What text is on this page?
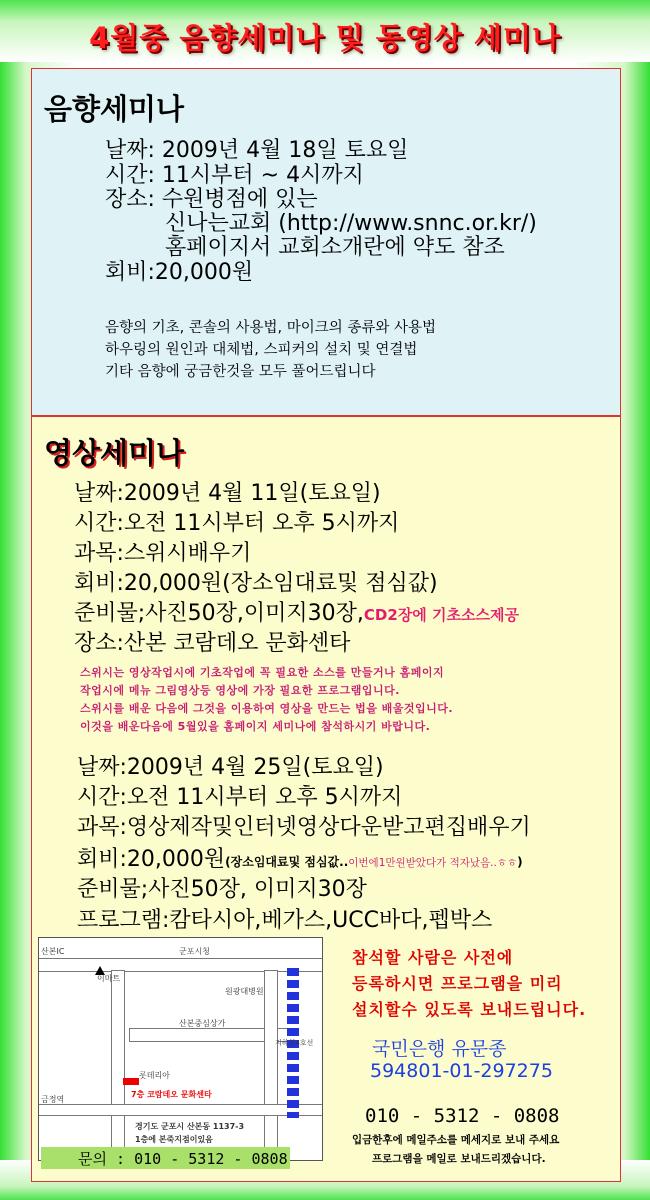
4월중 음향세미나 및 동영상 세미나
음향세미나
날짜: 2009년 4월 18일 토요일
시간: 11시부터 ~ 4시까지
장소: 수원병점에 있는
신나는교회 (http://www.snnc.or.kr/)
홈페이지서 교회소개란에 약도 참조
회비:20,000원
음향의 기초, 콘솔의 사용법, 마이크의 종류와 사용법
하우링의 원인과 대체법, 스피커의 설치 및 연결법
기타 음향에 궁금한것을 모두 풀어드립니다
영상세미나
날짜:2009년 4월 11일(토요일)
시간:오전 11시부터 오후 5시까지
과목:스위시배우기
회비:20,000원(장소임대료및 점심값)
준비물;사진50장,이미지30장,CD2장에 기초소스제공
장소:산본 코람데오 문화센타
스위시는 영상작업시에 기초작업에 꼭 필요한 소스를 만들거나 홈페이지
작업시에 메뉴 그림영상등 영상에 가장 필요한 프로그램입니다.
스위시를 배운 다음에 그것을 이용하여 영상을 만드는 법을 배울것입니다.
이것을 배운다음에 5월있을 홈페이지 세미나에 참석하시기 바랍니다.
날짜:2009년 4월 25일(토요일)
시간:오전 11시부터 오후 5시까지
과목:영상제작및인터넷영상다운받고편집배우기
회비:20,000원(장소임대료및 점심값..이번에1만원받았다가 적자났음..ㅎㅎ)
준비물;사진50장, 이미지30장
프로그램:캄타시아,베가스,UCC바다,펩박스
산본IC	군포시청
이마트
원광대병원
산본중심상가
롯데리아
금정역
7층 코람데오 문화센타
경기도 군포시 산본동 1137-3
1층에 본죽지점이있음
지하철4호선
참석할 사람은 사전에
등록하시면 프로그램을 미리
설치할수 있도록 보내드립니다.
국민은행 유문종
594801-01-297275
010 - 5312 - 0808
입금한후에 메일주소를 메세지로 보내 주세요
프로그램을 메일로 보내드리겠습니다.
문의 : 010 - 5312 - 0808
